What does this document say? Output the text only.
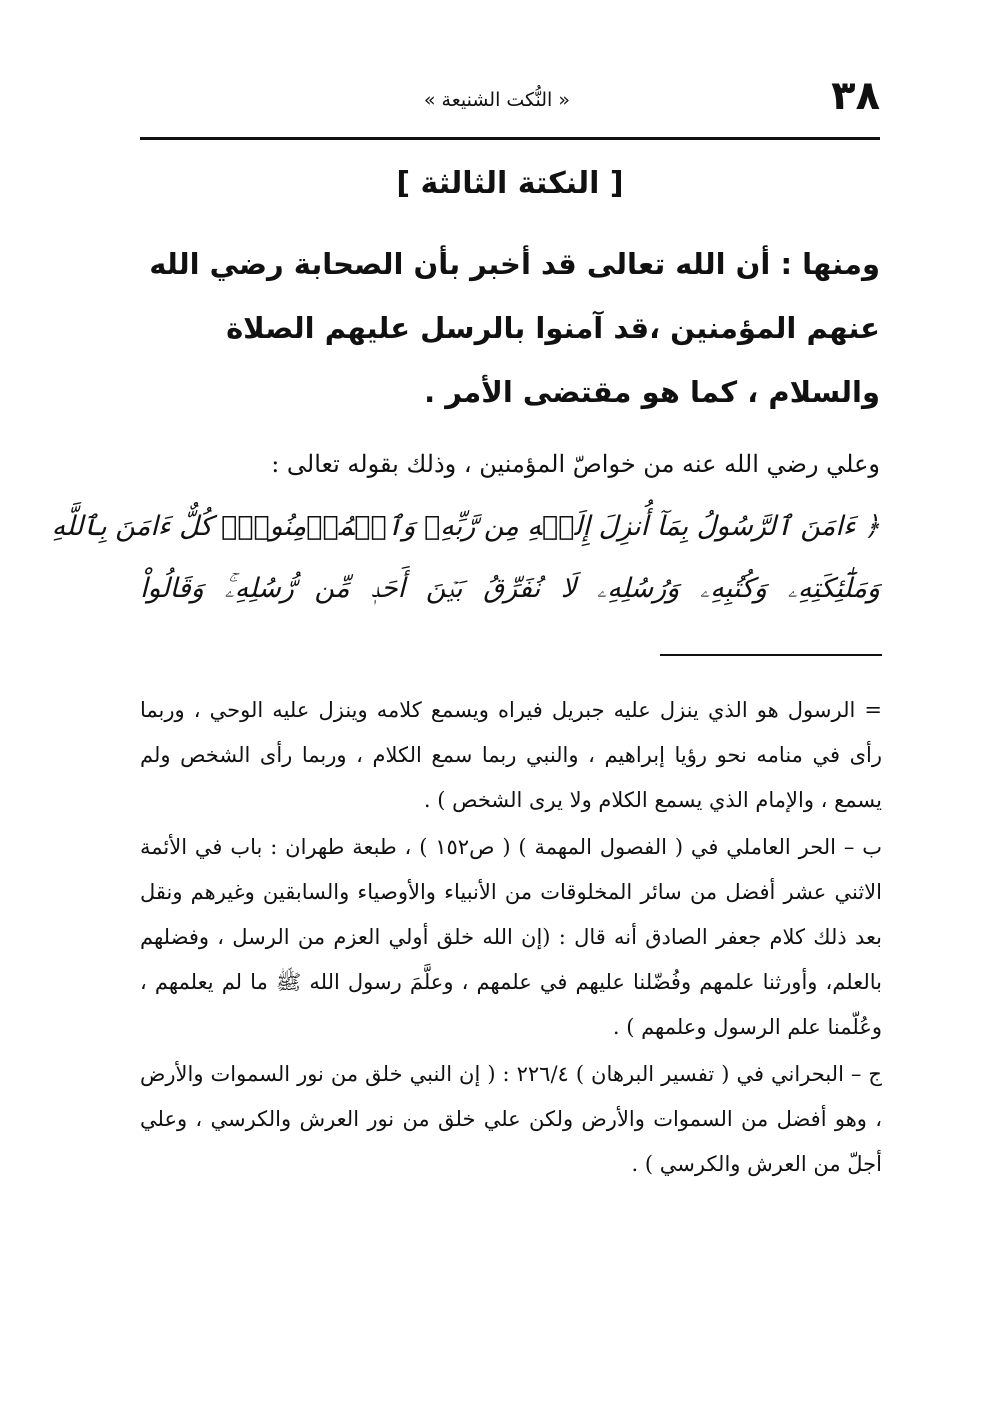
٣٨
« النُّكت الشنيعة »
[ النكتة الثالثة ]

ومنها : أن الله تعالى قد أخبر بأن الصحابة رضي الله عنهم المؤمنين ،قد آمنوا بالرسل عليهم الصلاة والسلام ، كما هو مقتضى الأمر .

وعلي رضي الله عنه من خواصّ المؤمنين ، وذلك بقوله تعالى :

﴿ ءَامَنَ ٱلرَّسُولُ بِمَآ أُنزِلَ إِلَيۡهِ مِن رَّبِّهِۦ وَٱلۡمُؤۡمِنُونَۚ كُلٌّ ءَامَنَ بِٱللَّهِ
وَمَلَٰٓئِكَتِهِۦ وَكُتُبِهِۦ وَرُسُلِهِۦ لَا نُفَرِّقُ بَيۡنَ أَحَدٖ مِّن رُّسُلِهِۦۚ وَقَالُواْ

= الرسول هو الذي ينزل عليه جبريل فيراه ويسمع كلامه وينزل عليه الوحي ، وربما رأى في منامه نحو رؤيا إبراهيم ، والنبي ربما سمع الكلام ، وربما رأى الشخص ولم يسمع ، والإمام الذي يسمع الكلام ولا يرى الشخص ) .

ب – الحر العاملي في ( الفصول المهمة ) ( ص١٥٢ ) ، طبعة طهران : باب في الأئمة الاثني عشر أفضل من سائر المخلوقات من الأنبياء والأوصياء والسابقين وغيرهم ونقل بعد ذلك كلام جعفر الصادق أنه قال : (إن الله خلق أولي العزم من الرسل ، وفضلهم بالعلم، وأورثنا علمهم وفُضّلنا عليهم في علمهم ، وعلَّمَ رسول الله ﷺ ما لم يعلمهم ، وعُلّمنا علم الرسول وعلمهم ) .

ج – البحراني في ( تفسير البرهان ) ٢٢٦/٤ : ( إن النبي خلق من نور السموات والأرض ، وهو أفضل من السموات والأرض ولكن علي خلق من نور العرش والكرسي ، وعلي أجلّ من العرش والكرسي ) .
